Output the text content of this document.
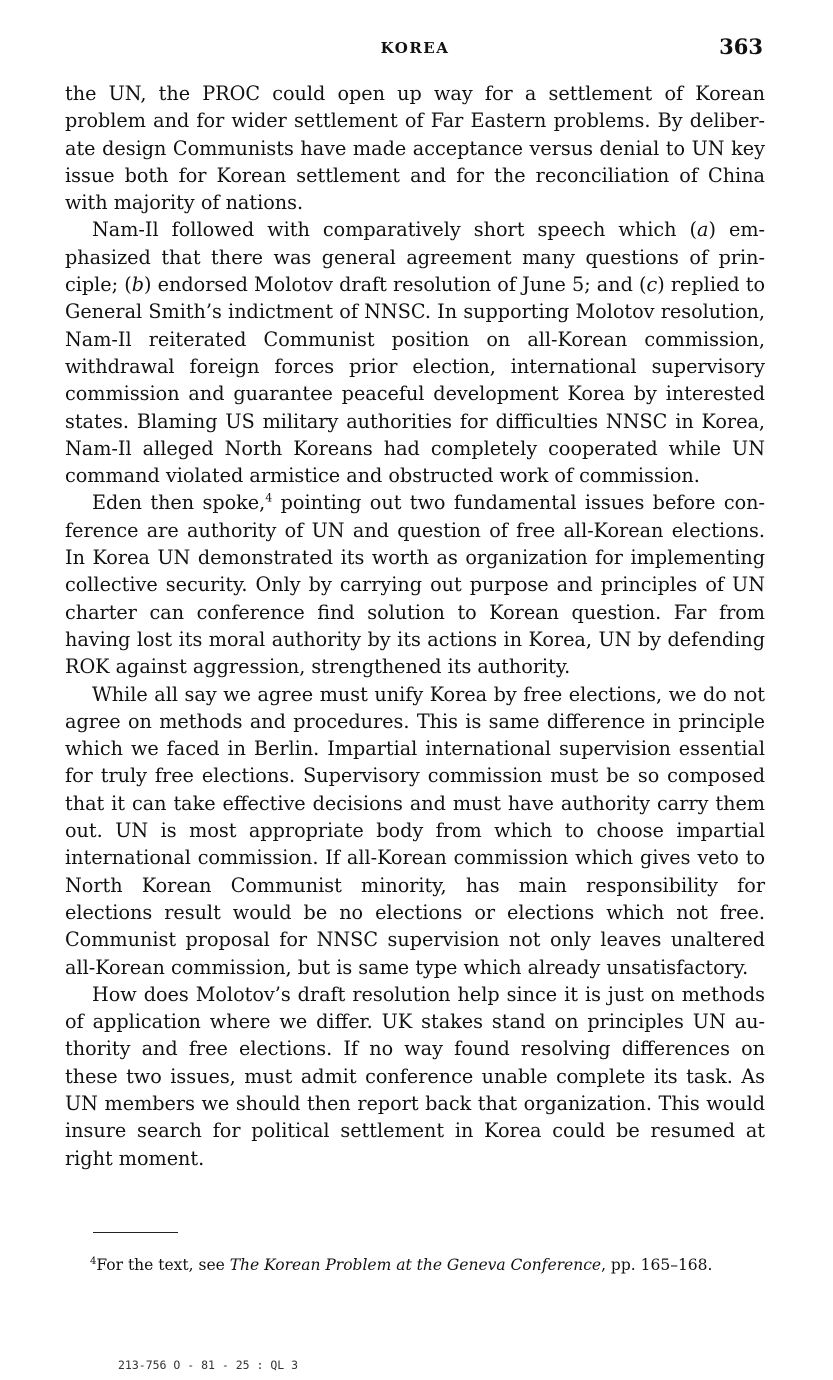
KOREA	363

the UN, the PROC could open up way for a settlement of Korean problem and for wider settlement of Far Eastern problems. By deliberate design Communists have made acceptance versus denial to UN key issue both for Korean settlement and for the reconciliation of China with majority of nations.

Nam-Il followed with comparatively short speech which (a) emphasized that there was general agreement many questions of principle; (b) endorsed Molotov draft resolution of June 5; and (c) replied to General Smith’s indictment of NNSC. In supporting Molotov resolution, Nam-Il reiterated Communist position on all-Korean commission, withdrawal foreign forces prior election, international supervisory commission and guarantee peaceful development Korea by interested states. Blaming US military authorities for difficulties NNSC in Korea, Nam-Il alleged North Koreans had completely cooperated while UN command violated armistice and obstructed work of commission.

Eden then spoke,$^4$ pointing out two fundamental issues before conference are authority of UN and question of free all-Korean elections. In Korea UN demonstrated its worth as organization for implementing collective security. Only by carrying out purpose and principles of UN charter can conference find solution to Korean question. Far from having lost its moral authority by its actions in Korea, UN by defending ROK against aggression, strengthened its authority.

While all say we agree must unify Korea by free elections, we do not agree on methods and procedures. This is same difference in principle which we faced in Berlin. Impartial international supervision essential for truly free elections. Supervisory commission must be so composed that it can take effective decisions and must have authority carry them out. UN is most appropriate body from which to choose impartial international commission. If all-Korean commission which gives veto to North Korean Communist minority, has main responsibility for elections result would be no elections or elections which not free. Communist proposal for NNSC supervision not only leaves unaltered all-Korean commission, but is same type which already unsatisfactory.

How does Molotov’s draft resolution help since it is just on methods of application where we differ. UK stakes stand on principles UN authority and free elections. If no way found resolving differences on these two issues, must admit conference unable complete its task. As UN members we should then report back that organization. This would insure search for political settlement in Korea could be resumed at right moment.

$^4$For the text, see The Korean Problem at the Geneva Conference, pp. 165–168.
213-756 O - 81 - 25 : QL 3
